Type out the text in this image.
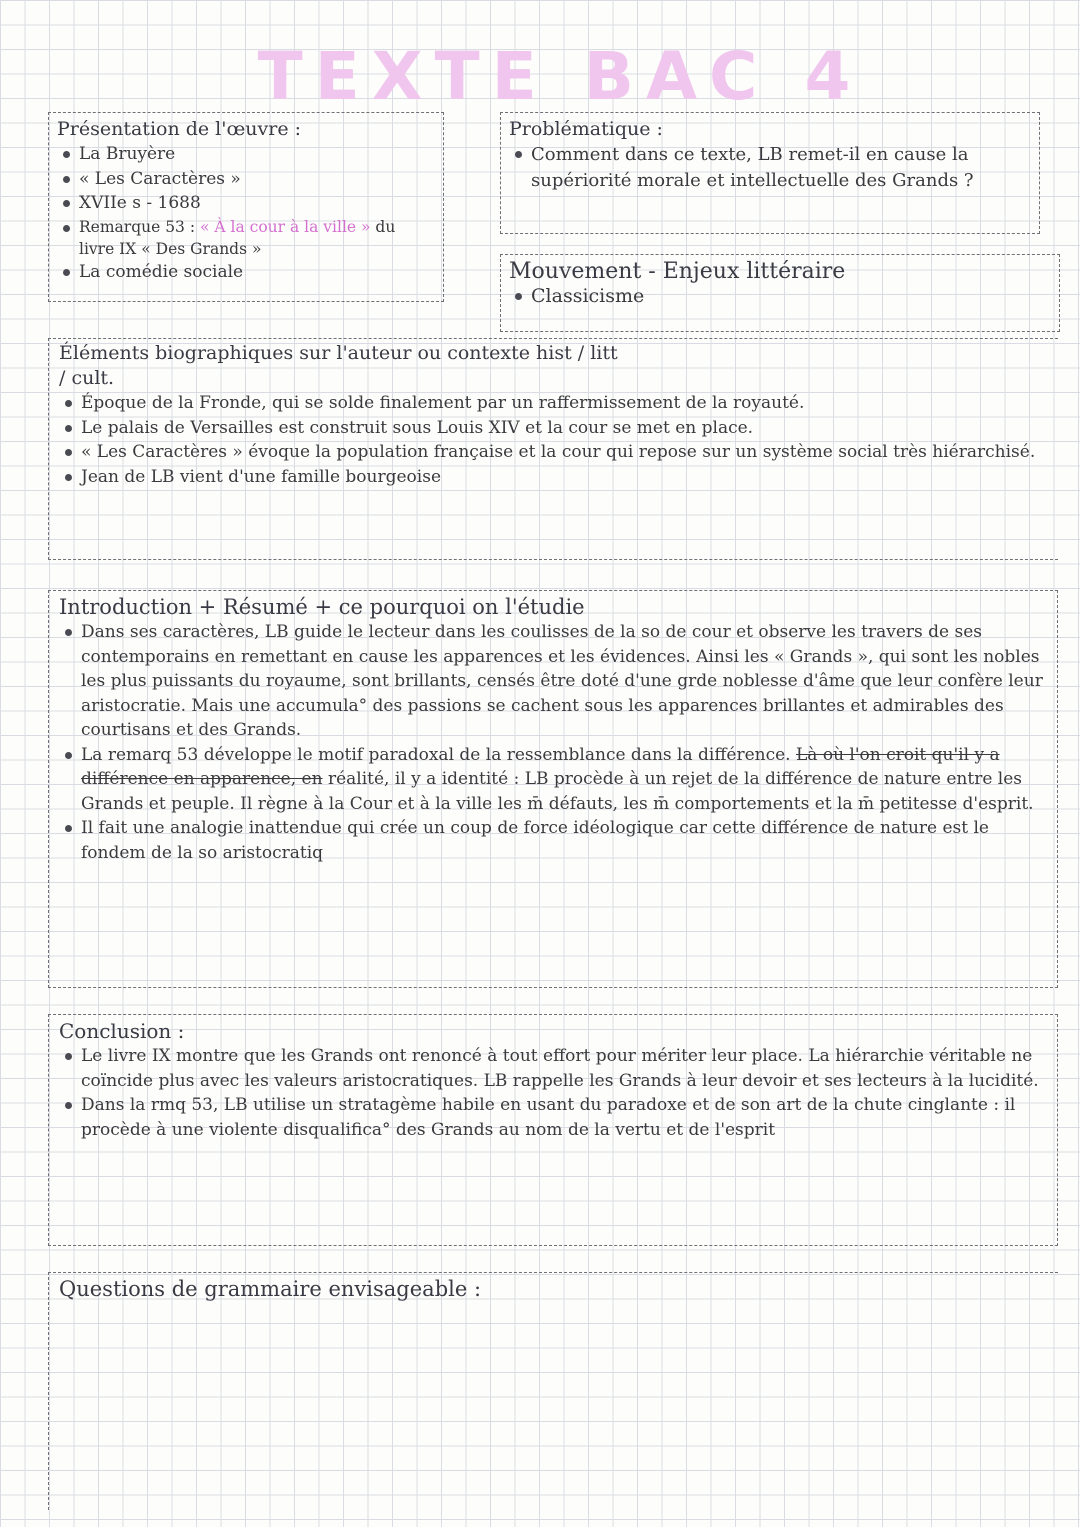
TEXTE BAC 4

Présentation de l'œuvre :

La Bruyère
« Les Caractères »
XVIIe s - 1688
Remarque 53 : « À la cour à la ville » du livre IX « Des Grands »
La comédie sociale

Problématique :

Comment dans ce texte, LB remet-il en cause la supériorité morale et intellectuelle des Grands ?

Mouvement - Enjeux littéraire

Classicisme

Éléments biographiques sur l'auteur ou contexte hist / litt / cult.

Époque de la Fronde, qui se solde finalement par un raffermissement de la royauté.
Le palais de Versailles est construit sous Louis XIV et la cour se met en place.
« Les Caractères » évoque la population française et la cour qui repose sur un système social très hiérarchisé.
Jean de LB vient d'une famille bourgeoise

Introduction + Résumé + ce pourquoi on l'étudie

Dans ses caractères, LB guide le lecteur dans les coulisses de la so de cour et observe les travers de ses contemporains en remettant en cause les apparences et les évidences. Ainsi les « Grands », qui sont les nobles les plus puissants du royaume, sont brillants, censés être doté d'une grde noblesse d'âme que leur confère leur aristocratie. Mais une accumula° des passions se cachent sous les apparences brillantes et admirables des courtisans et des Grands.
La remarq 53 développe le motif paradoxal de la ressemblance dans la différence. Là où l'on croit qu'il y a différence en apparence, en réalité, il y a identité : LB procède à un rejet de la différence de nature entre les Grands et peuple. Il règne à la Cour et à la ville les m̄ défauts, les m̄ comportements et la m̄ petitesse d'esprit.
Il fait une analogie inattendue qui crée un coup de force idéologique car cette différence de nature est le fondem de la so aristocratiq

Conclusion :

Le livre IX montre que les Grands ont renoncé à tout effort pour mériter leur place. La hiérarchie véritable ne coïncide plus avec les valeurs aristocratiques. LB rappelle les Grands à leur devoir et ses lecteurs à la lucidité.
Dans la rmq 53, LB utilise un stratagème habile en usant du paradoxe et de son art de la chute cinglante : il procède à une violente disqualifica° des Grands au nom de la vertu et de l'esprit

Questions de grammaire envisageable :
